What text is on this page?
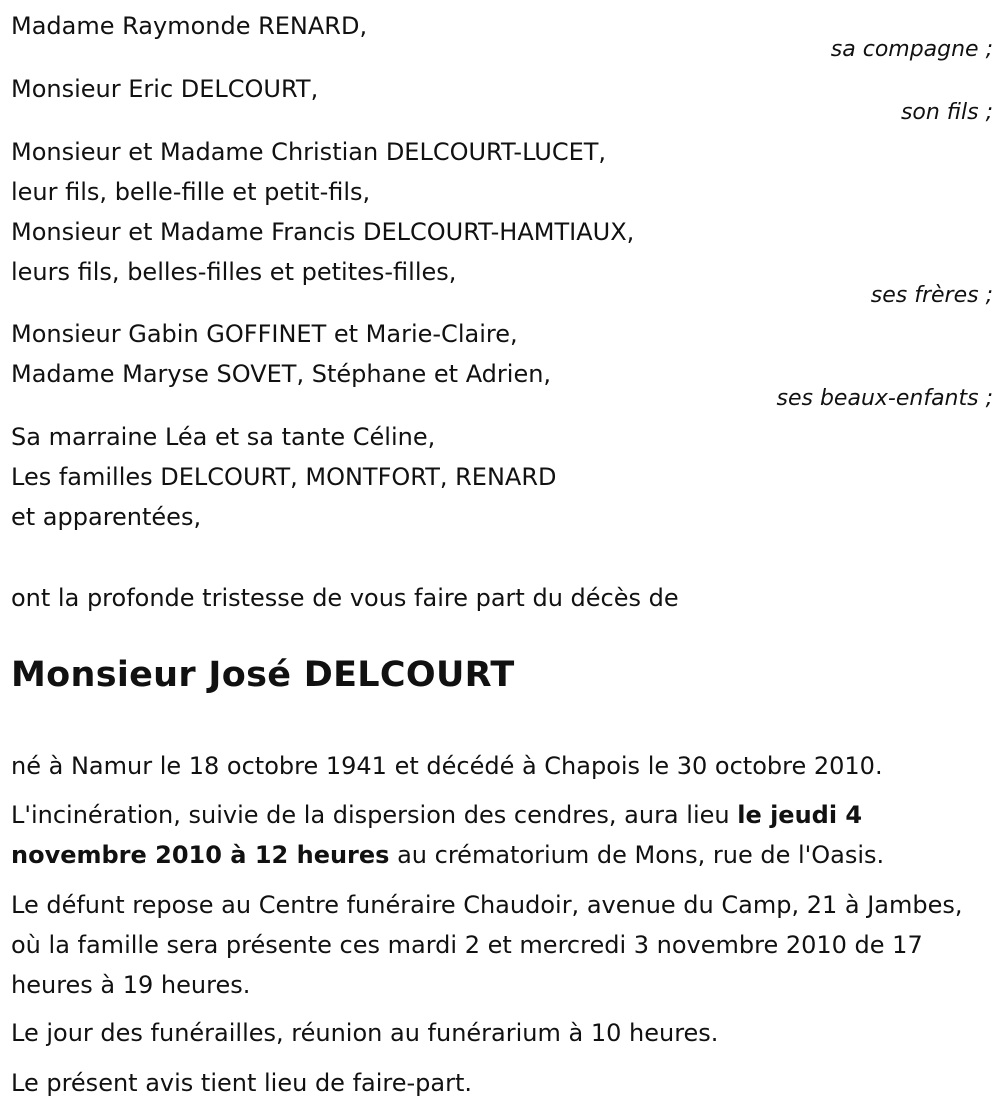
Madame Raymonde RENARD,
sa compagne ;
Monsieur Eric DELCOURT,
son fils ;
Monsieur et Madame Christian DELCOURT-LUCET,
leur fils, belle-fille et petit-fils,
Monsieur et Madame Francis DELCOURT-HAMTIAUX,
leurs fils, belles-filles et petites-filles,
ses frères ;
Monsieur Gabin GOFFINET et Marie-Claire,
Madame Maryse SOVET, Stéphane et Adrien,
ses beaux-enfants ;
Sa marraine Léa et sa tante Céline,
Les familles DELCOURT, MONTFORT, RENARD
et apparentées,
ont la profonde tristesse de vous faire part du décès de
Monsieur José DELCOURT
né à Namur le 18 octobre 1941 et décédé à Chapois le 30 octobre 2010.
L'incinération, suivie de la dispersion des cendres, aura lieu le jeudi 4 novembre 2010 à 12 heures au crématorium de Mons, rue de l'Oasis.
Le défunt repose au Centre funéraire Chaudoir, avenue du Camp, 21 à Jambes, où la famille sera présente ces mardi 2 et mercredi 3 novembre 2010 de 17 heures à 19 heures.
Le jour des funérailles, réunion au funérarium à 10 heures.
Le présent avis tient lieu de faire-part.
